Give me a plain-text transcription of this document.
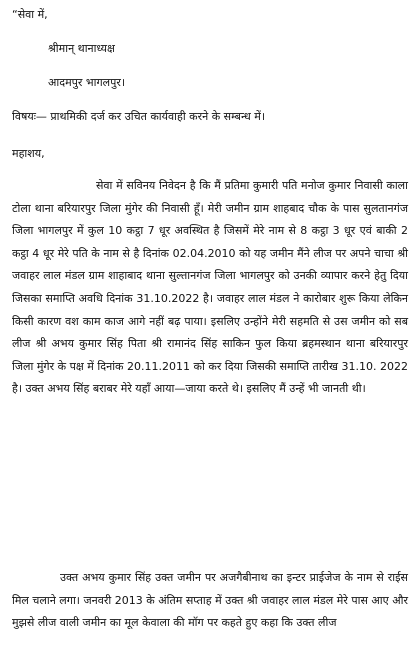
“सेवा में,
श्रीमान् थानाध्यक्ष
आदमपुर भागलपुर।
विषयः— प्राथमिकी दर्ज कर उचित कार्यवाही करने के सम्बन्ध में।
महाशय,
सेवा में सविनय निवेदन है कि मैं प्रतिमा कुमारी पति मनोज कुमार निवासी काला टोला थाना बरियारपुर जिला मुंगेर की निवासी हूँ। मेरी जमीन ग्राम शाहबाद चौक के पास सुलतानगंज जिला भागलपुर में कुल 10 कट्ठा 7 धूर अवस्थित है जिसमें मेरे नाम से 8 कट्ठा 3 धूर एवं बाकी 2 कट्ठा 4 धूर मेरे पति के नाम से है दिनांक 02.04.2010 को यह जमीन मैंने लीज पर अपने चाचा श्री जवाहर लाल मंडल ग्राम शाहाबाद थाना सुल्तानगंज जिला भागलपुर को उनकी व्यापार करने हेतु दिया जिसका समाप्ति अवधि दिनांक 31.10.2022 है। जवाहर लाल मंडल ने कारोबार शुरू किया लेकिन किसी कारण वश काम काज आगे नहीं बढ़ पाया। इसलिए उन्होंने मेरी सहमति से उस जमीन को सब लीज श्री अभय कुमार सिंह पिता श्री रामानंद सिंह साकिन फुल किया ब्रहमस्थान थाना बरियारपुर जिला मुंगेर के पक्ष में दिनांक 20.11.2011 को कर दिया जिसकी समाप्ति तारीख 31.10. 2022 है। उक्त अभय सिंह बराबर मेरे यहाँ आया—जाया करते थे। इसलिए मैं उन्हें भी जानती थी।
उक्त अभय कुमार सिंह उक्त जमीन पर अजगैबीनाथ का इन्टर प्राईजेज के नाम से राईस मिल चलाने लगा। जनवरी 2013 के अंतिम सप्ताह में उक्त श्री जवाहर लाल मंडल मेरे पास आए और मुझसे लीज वाली जमीन का मूल केवाला की मॉग पर कहते हुए कहा कि उक्त लीज
